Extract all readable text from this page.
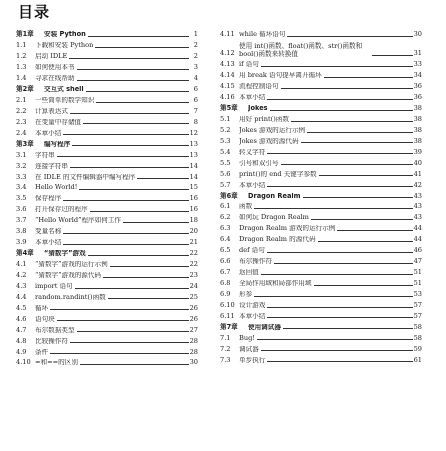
目录
第1章	安装 Python	1
1.1	下载和安装 Python	2
1.2	启动 IDLE	2
1.3	如何使用本书	3
1.4	寻求在线帮助	4
第2章	交互式 shell	6
2.1	一些简单的数学知识	6
2.2	计算表达式	7
2.3	在变量中存储值	8
2.4	本章小结	12
第3章	编写程序	13
3.1	字符串	13
3.2	连接字符串	14
3.3	在 IDLE 的文件编辑器中编写程序	14
3.4	Hello World!	15
3.5	保存程序	16
3.6	打开保存过的程序	16
3.7	“Hello World”程序如何工作	18
3.8	变量名称	20
3.9	本章小结	21
第4章	“猜数字”游戏	22
4.1	“猜数字”游戏的运行示例	22
4.2	“猜数字”游戏的源代码	23
4.3	import 语句	24
4.4	random.randint()函数	25
4.5	循环	26
4.6	语句块	26
4.7	布尔数据类型	27
4.8	比较操作符	28
4.9	条件	28
4.10 =和==的区别	30
4.11 while 循环语句	30
4.12
使用 int()函数、float()函数、str()函数和 bool()函数来转换值	31
4.13 if 语句	33
4.14 用 break 语句提早离开循环	34
4.15 流程控制语句	36
4.16 本章小结	36
第5章	Jokes	38
5.1	用好 print()函数	38
5.2	Jokes 游戏的运行示例	38
5.3	Jokes 游戏的源代码	38
5.4	转义字符	39
5.5	引号和双引号	40
5.6	print()的 end 关键字参数	41
5.7	本章小结	42
第6章	Dragon Realm	43
6.1	函数	43
6.2	如何玩 Dragon Realm	43
6.3	Dragon Realm 游戏的运行示例	44
6.4	Dragon Realm 的源代码	44
6.5	def 语句	46
6.6	布尔操作符	47
6.7	返回值	51
6.8	全局作用域和局部作用域	51
6.9	形参	53
6.10 设计游戏	57
6.11 本章小结	57
第7章	使用调试器	58
7.1	Bug!	58
7.2	调试器	59
7.3	单步执行	61
